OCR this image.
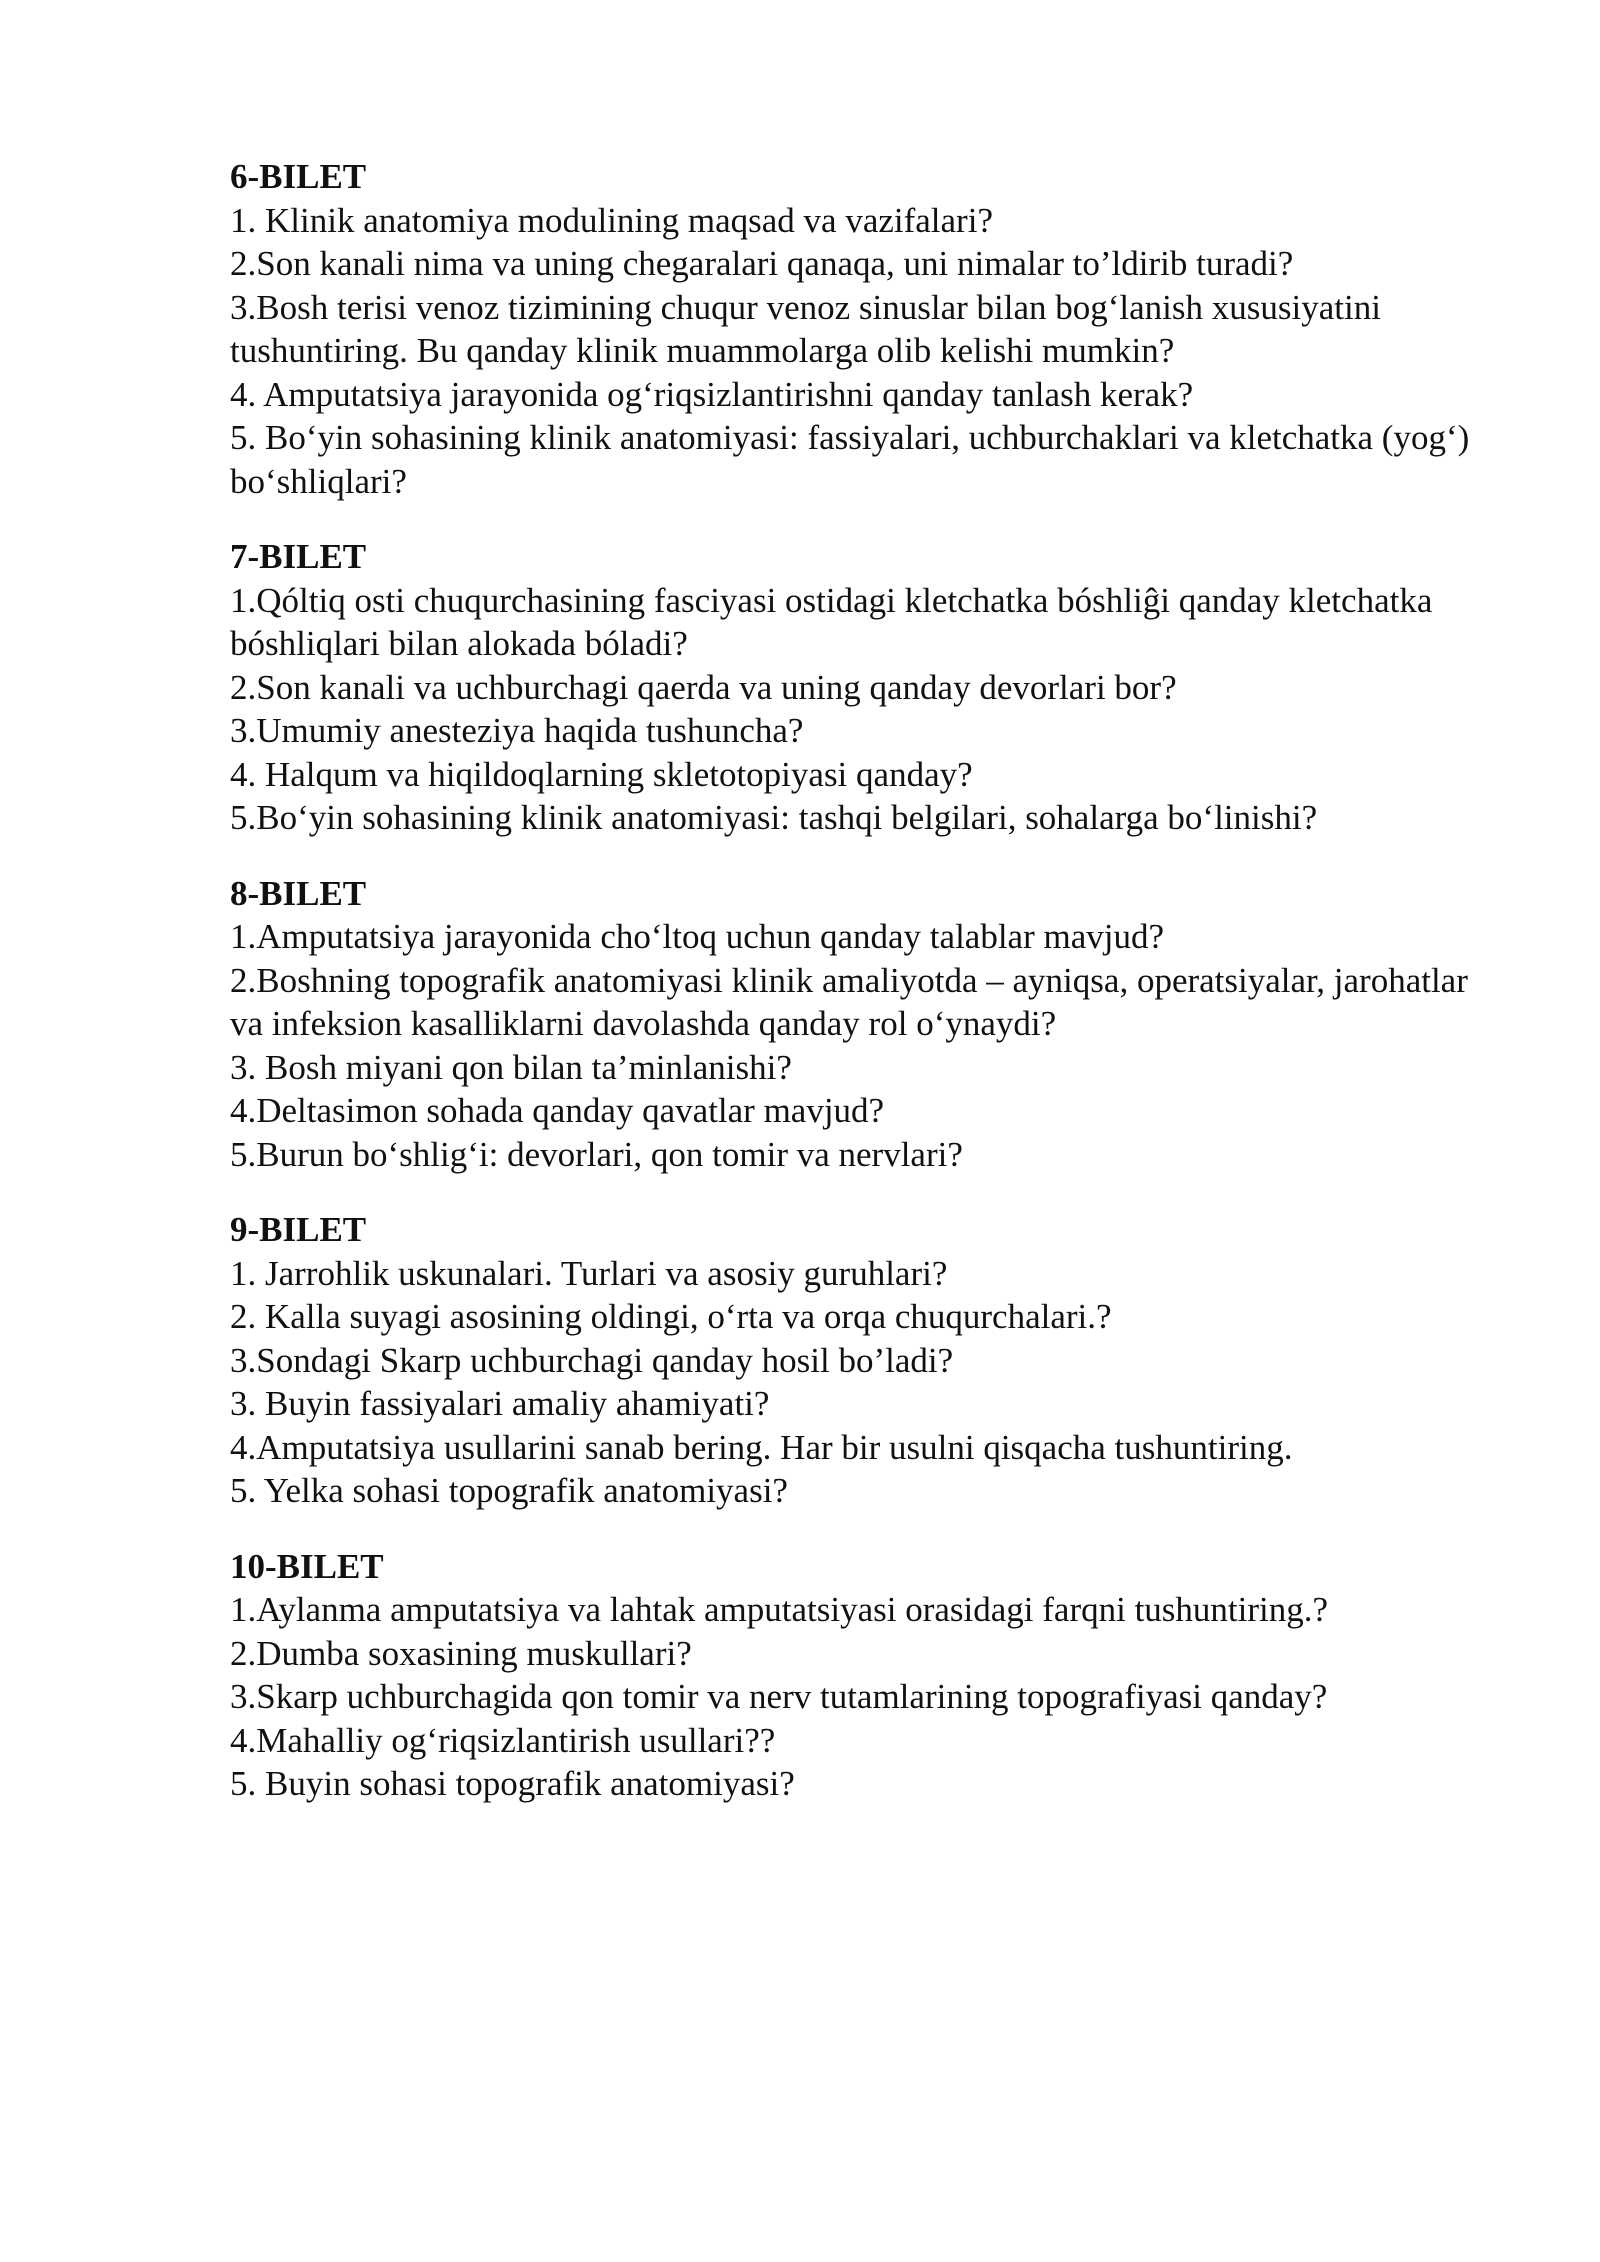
6-BILET
1. Klinik anatomiya modulining maqsad va vazifalari?
2.Son kanali nima va uning chegaralari qanaqa, uni nimalar to’ldirib turadi?
3.Bosh terisi venoz tizimining chuqur venoz sinuslar bilan bog‘lanish xususiyatini tushuntiring. Bu qanday klinik muammolarga olib kelishi mumkin?
4. Amputatsiya jarayonida og‘riqsizlantirishni qanday tanlash kerak?
5. Bo‘yin sohasining klinik anatomiyasi: fassiyalari, uchburchaklari va kletchatka (yog‘) bo‘shliqlari?
7-BILET
1.Qóltiq osti chuqurchasining fasciyasi ostidagi kletchatka bóshliĝi qanday kletchatka bóshliqlari bilan alokada bóladi?
2.Son kanali va uchburchagi qaerda va uning qanday devorlari bor?
3.Umumiy anesteziya haqida tushuncha?
4. Halqum va hiqildoqlarning skletotopiyasi qanday?
5.Bo‘yin sohasining klinik anatomiyasi: tashqi belgilari, sohalarga bo‘linishi?
8-BILET
1.Amputatsiya jarayonida cho‘ltoq uchun qanday talablar mavjud?
2.Boshning topografik anatomiyasi klinik amaliyotda – ayniqsa, operatsiyalar, jarohatlar va infeksion kasalliklarni davolashda qanday rol o‘ynaydi?
3. Bosh miyani qon bilan ta’minlanishi?
4.Deltasimon sohada qanday qavatlar mavjud?
5.Burun bo‘shlig‘i: devorlari, qon tomir va nervlari?
9-BILET
1. Jarrohlik uskunalari. Turlari va asosiy guruhlari?
2. Kalla suyagi asosining oldingi, o‘rta va orqa chuqurchalari.?
3.Sondagi Skarp uchburchagi qanday hosil bo’ladi?
3. Buyin fassiyalari amaliy ahamiyati?
4.Amputatsiya usullarini sanab bering. Har bir usulni qisqacha tushuntiring.
5. Yelka sohasi topografik anatomiyasi?
10-BILET
1.Aylanma amputatsiya va lahtak amputatsiyasi orasidagi farqni tushuntiring.?
2.Dumba soxasining muskullari?
3.Skarp uchburchagida qon tomir va nerv tutamlarining topografiyasi qanday?
4.Mahalliy og‘riqsizlantirish usullari??
5. Buyin sohasi topografik anatomiyasi?
